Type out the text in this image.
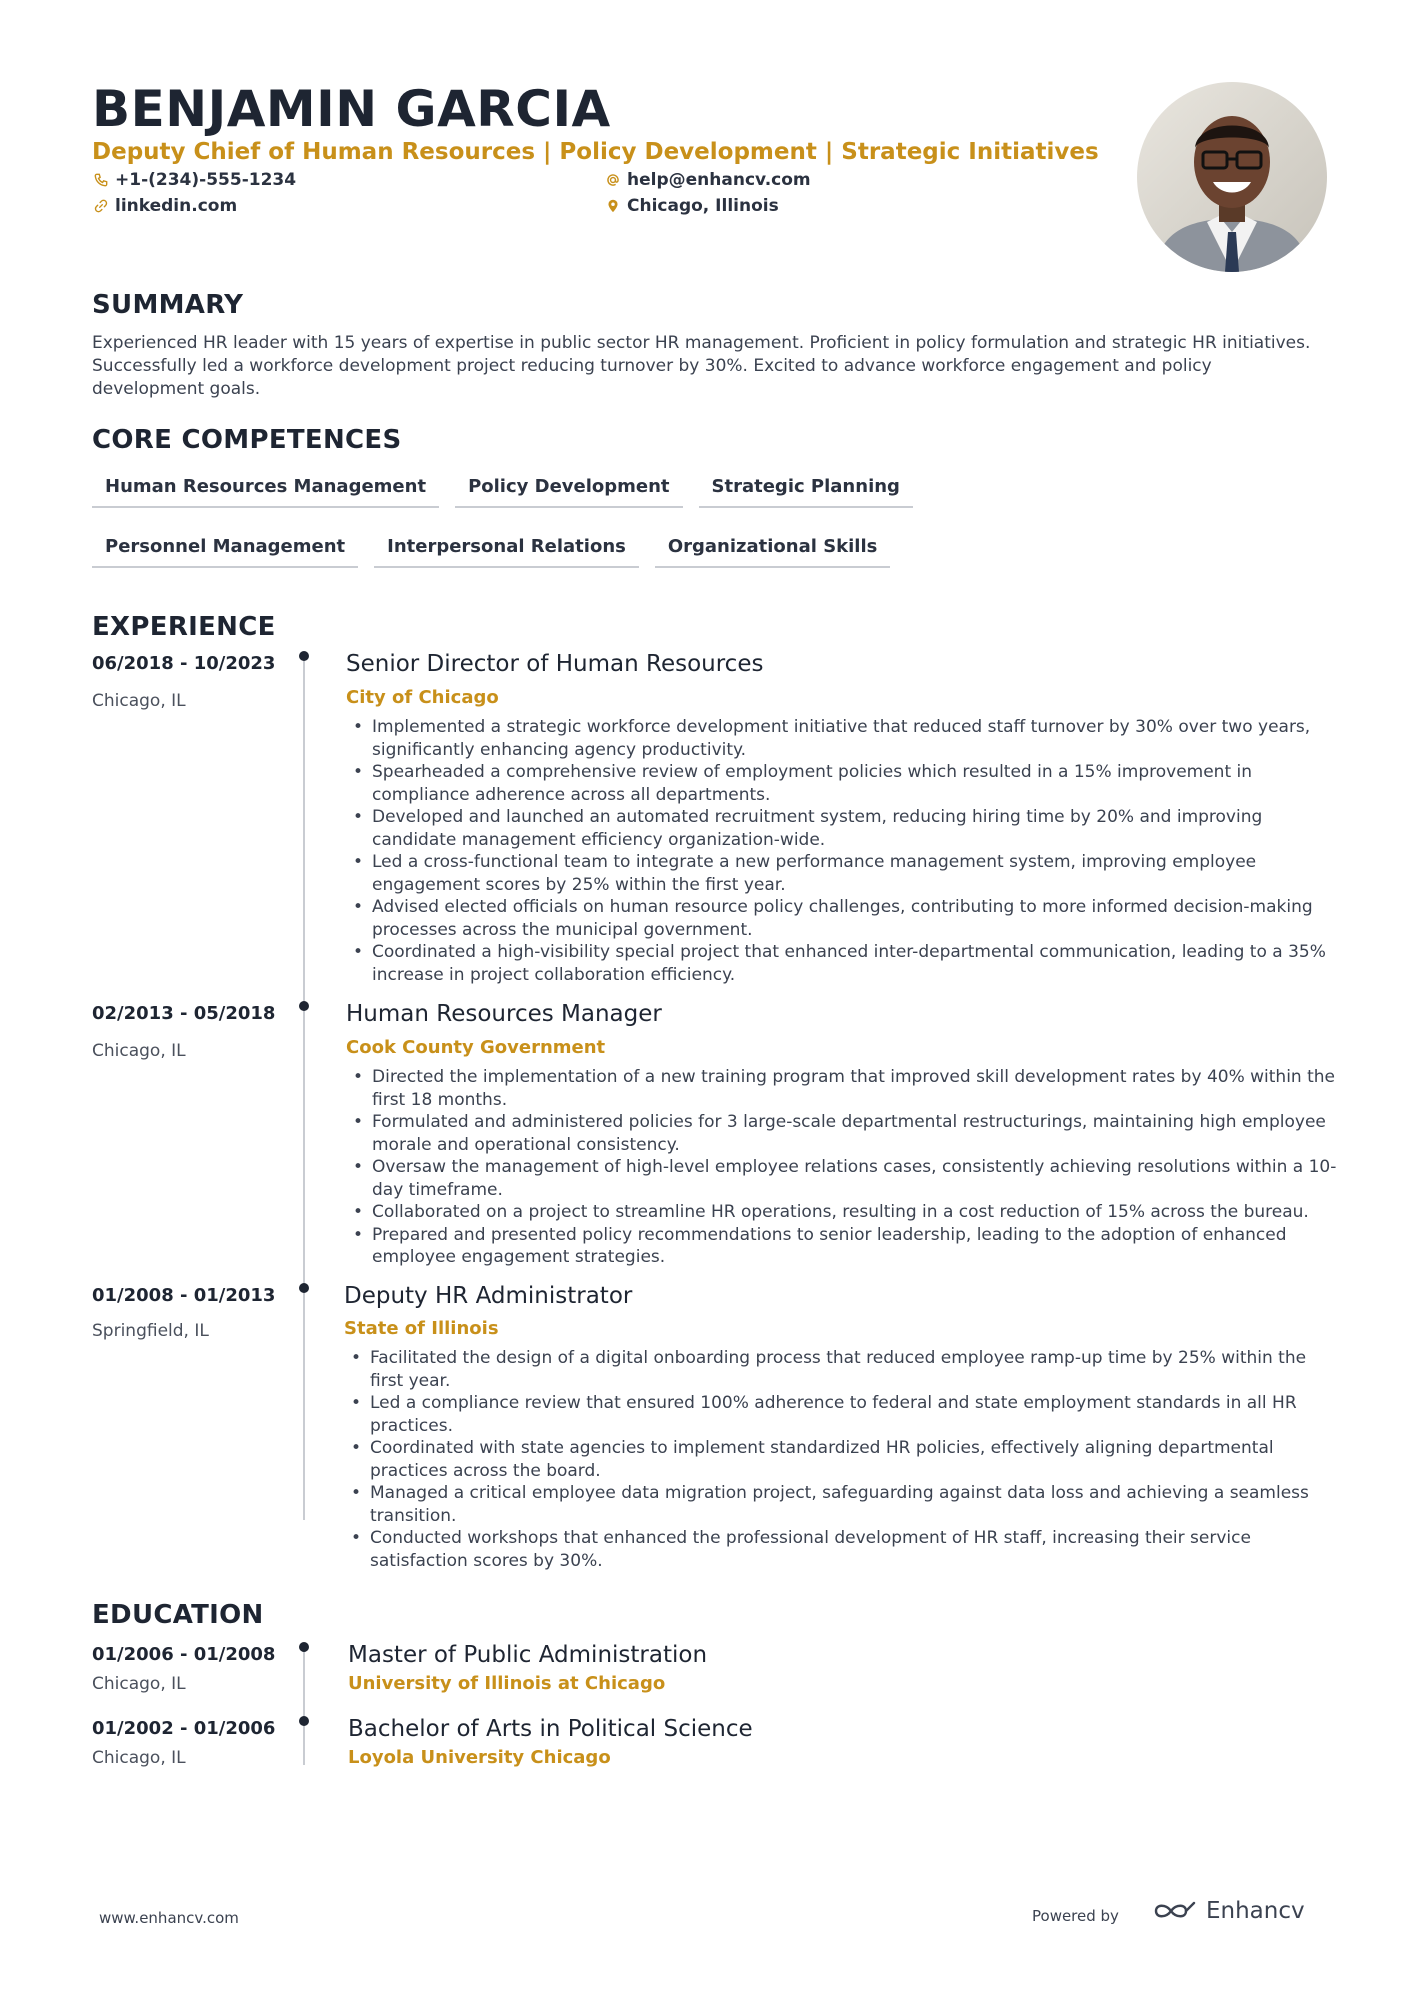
BENJAMIN GARCIA
Deputy Chief of Human Resources | Policy Development | Strategic Initiatives
+1-(234)-555-1234	help@enhancv.com
linkedin.com	Chicago, Illinois
SUMMARY
Experienced HR leader with 15 years of expertise in public sector HR management. Proficient in policy formulation and strategic HR initiatives. Successfully led a workforce development project reducing turnover by 30%. Excited to advance workforce engagement and policy development goals.
CORE COMPETENCES
Human Resources Management	Policy Development	Strategic Planning
Personnel Management	Interpersonal Relations	Organizational Skills
EXPERIENCE
06/2018 - 10/2023
Chicago, IL
Senior Director of Human Resources
City of Chicago
• Implemented a strategic workforce development initiative that reduced staff turnover by 30% over two years, significantly enhancing agency productivity.
• Spearheaded a comprehensive review of employment policies which resulted in a 15% improvement in compliance adherence across all departments.
• Developed and launched an automated recruitment system, reducing hiring time by 20% and improving candidate management efficiency organization-wide.
• Led a cross-functional team to integrate a new performance management system, improving employee engagement scores by 25% within the first year.
• Advised elected officials on human resource policy challenges, contributing to more informed decision-making processes across the municipal government.
• Coordinated a high-visibility special project that enhanced inter-departmental communication, leading to a 35% increase in project collaboration efficiency.
02/2013 - 05/2018
Chicago, IL
Human Resources Manager
Cook County Government
• Directed the implementation of a new training program that improved skill development rates by 40% within the first 18 months.
• Formulated and administered policies for 3 large-scale departmental restructurings, maintaining high employee morale and operational consistency.
• Oversaw the management of high-level employee relations cases, consistently achieving resolutions within a 10-day timeframe.
• Collaborated on a project to streamline HR operations, resulting in a cost reduction of 15% across the bureau.
• Prepared and presented policy recommendations to senior leadership, leading to the adoption of enhanced employee engagement strategies.
01/2008 - 01/2013
Springfield, IL
Deputy HR Administrator
State of Illinois
• Facilitated the design of a digital onboarding process that reduced employee ramp-up time by 25% within the first year.
• Led a compliance review that ensured 100% adherence to federal and state employment standards in all HR practices.
• Coordinated with state agencies to implement standardized HR policies, effectively aligning departmental practices across the board.
• Managed a critical employee data migration project, safeguarding against data loss and achieving a seamless transition.
• Conducted workshops that enhanced the professional development of HR staff, increasing their service satisfaction scores by 30%.
EDUCATION
01/2006 - 01/2008
Chicago, IL
Master of Public Administration
University of Illinois at Chicago
01/2002 - 01/2006
Chicago, IL
Bachelor of Arts in Political Science
Loyola University Chicago
www.enhancv.com	Powered by	Enhancv
